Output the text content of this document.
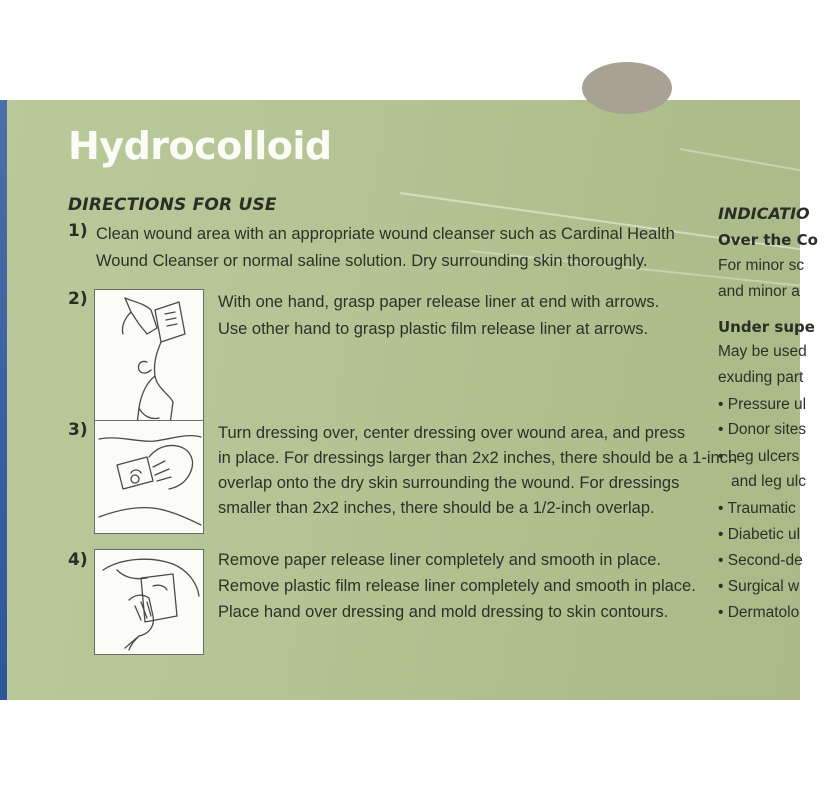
Hydrocolloid

DIRECTIONS FOR USE

1) Clean wound area with an appropriate wound cleanser such as Cardinal Health

Wound Cleanser or normal saline solution. Dry surrounding skin thoroughly.

2)	With one hand, grasp paper release liner at end with arrows.

Use other hand to grasp plastic film release liner at arrows.

3)	Turn dressing over, center dressing over wound area, and press

in place. For dressings larger than 2x2 inches, there should be a 1-inch

overlap onto the dry skin surrounding the wound. For dressings

smaller than 2x2 inches, there should be a 1/2-inch overlap.

4)	Remove paper release liner completely and smooth in place.

Remove plastic film release liner completely and smooth in place.

Place hand over dressing and mold dressing to skin contours.

INDICATIO

Over the Co

For minor sc

and minor a

Under supe

May be used

exuding part

• Pressure ul

• Donor sites

• Leg ulcers

and leg ulc

• Traumatic

• Diabetic ul

• Second-de

• Surgical w

• Dermatolo
